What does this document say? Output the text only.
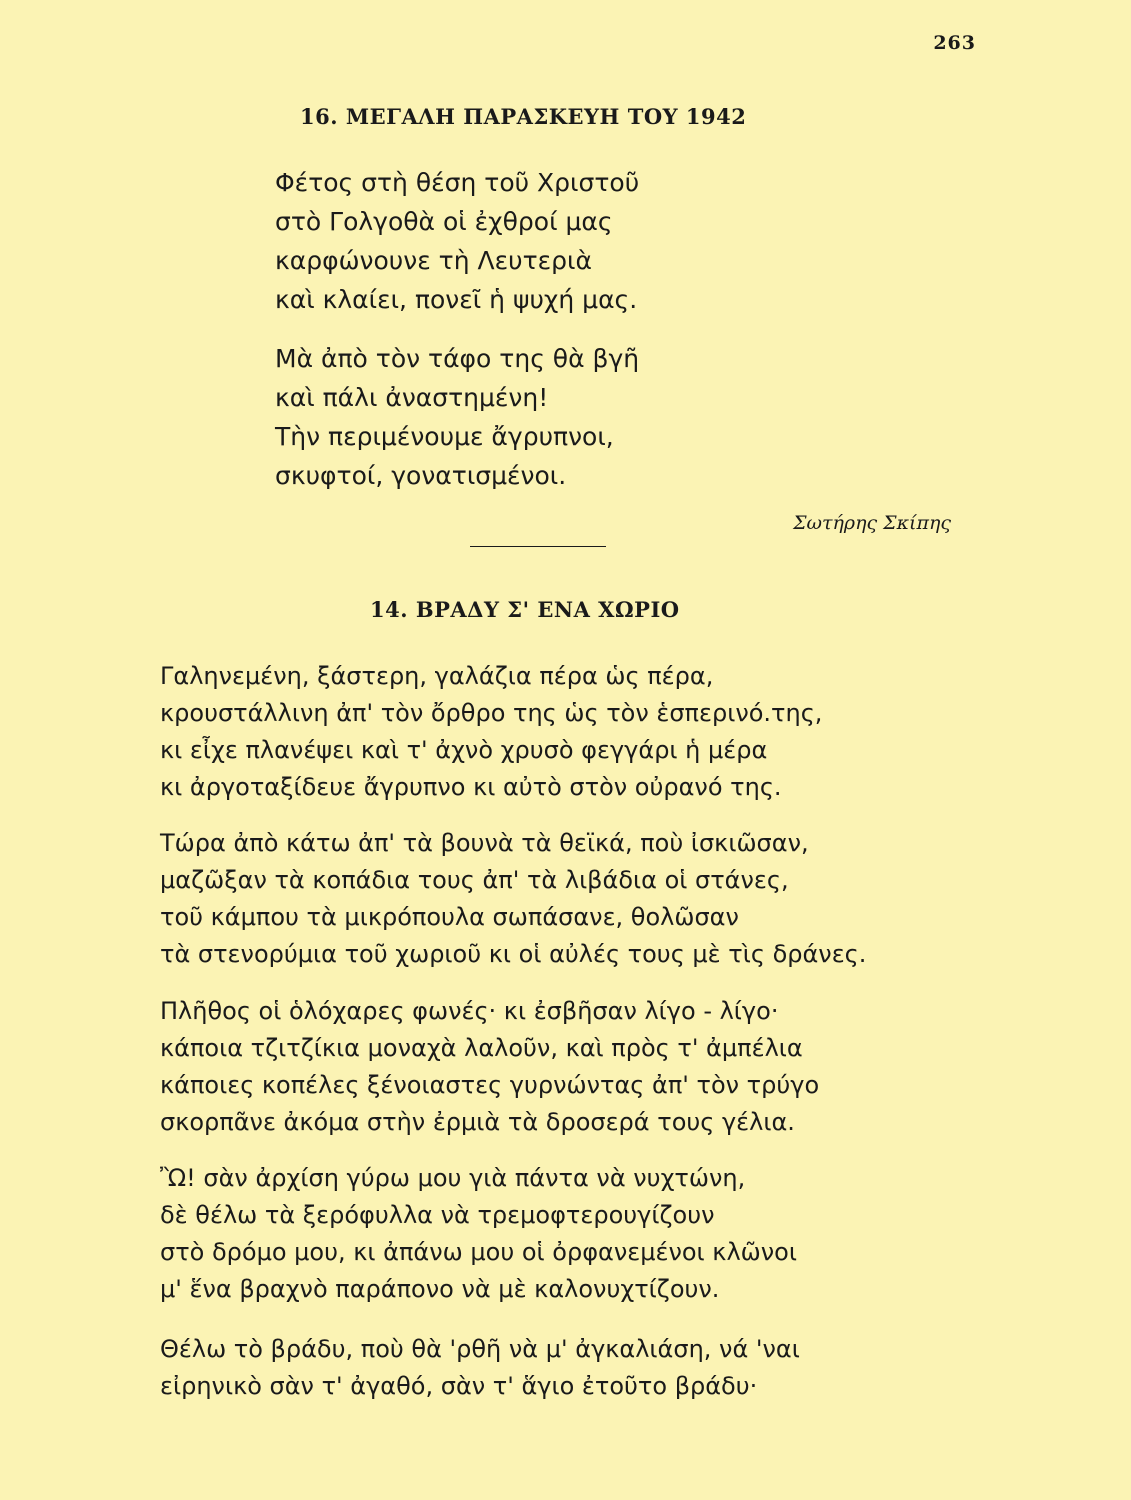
263
16. ΜΕΓΑΛΗ ΠΑΡΑΣΚΕΥΗ ΤΟΥ 1942
Φέτος στὴ θέση τοῦ Χριστοῦ
στὸ Γολγοθὰ οἱ ἐχθροί μας
καρφώνουνε τὴ Λευτεριὰ
καὶ κλαίει, πονεῖ ἡ ψυχή μας.
Μὰ ἀπὸ τὸν τάφο της θὰ βγῆ
καὶ πάλι ἀναστημένη!
Τὴν περιμένουμε ἄγρυπνοι,
σκυφτοί, γονατισμένοι.
Σωτήρης Σκίπης
14. ΒΡΑΔΥ Σ' ΕΝΑ ΧΩΡΙΟ
Γαληνεμένη, ξάστερη, γαλάζια πέρα ὡς πέρα,
κρουστάλλινη ἀπ' τὸν ὄρθρο της ὡς τὸν ἑσπερινό.της,
κι εἶχε πλανέψει καὶ τ' ἀχνὸ χρυσὸ φεγγάρι ἡ μέρα
κι ἀργοταξίδευε ἄγρυπνο κι αὐτὸ στὸν οὐρανό της.
Τώρα ἀπὸ κάτω ἀπ' τὰ βουνὰ τὰ θεϊκά, ποὺ ἰσκιῶσαν,
μαζῶξαν τὰ κοπάδια τους ἀπ' τὰ λιβάδια οἱ στάνες,
τοῦ κάμπου τὰ μικρόπουλα σωπάσανε, θολῶσαν
τὰ στενορύμια τοῦ χωριοῦ κι οἱ αὐλές τους μὲ τὶς δράνες.
Πλῆθος οἱ ὁλόχαρες φωνές· κι ἐσβῆσαν λίγο - λίγο·
κάποια τζιτζίκια μοναχὰ λαλοῦν, καὶ πρὸς τ' ἀμπέλια
κάποιες κοπέλες ξένοιαστες γυρνώντας ἀπ' τὸν τρύγο
σκορπᾶνε ἀκόμα στὴν ἐρμιὰ τὰ δροσερά τους γέλια.
Ὢ! σὰν ἀρχίση γύρω μου γιὰ πάντα νὰ νυχτώνη,
δὲ θέλω τὰ ξερόφυλλα νὰ τρεμοφτερουγίζουν
στὸ δρόμο μου, κι ἀπάνω μου οἱ ὀρφανεμένοι κλῶνοι
μ' ἕνα βραχνὸ παράπονο νὰ μὲ καλονυχτίζουν.
Θέλω τὸ βράδυ, ποὺ θὰ 'ρθῆ νὰ μ' ἀγκαλιάση, νά 'ναι
εἰρηνικὸ σὰν τ' ἀγαθό, σὰν τ' ἅγιο ἐτοῦτο βράδυ·
